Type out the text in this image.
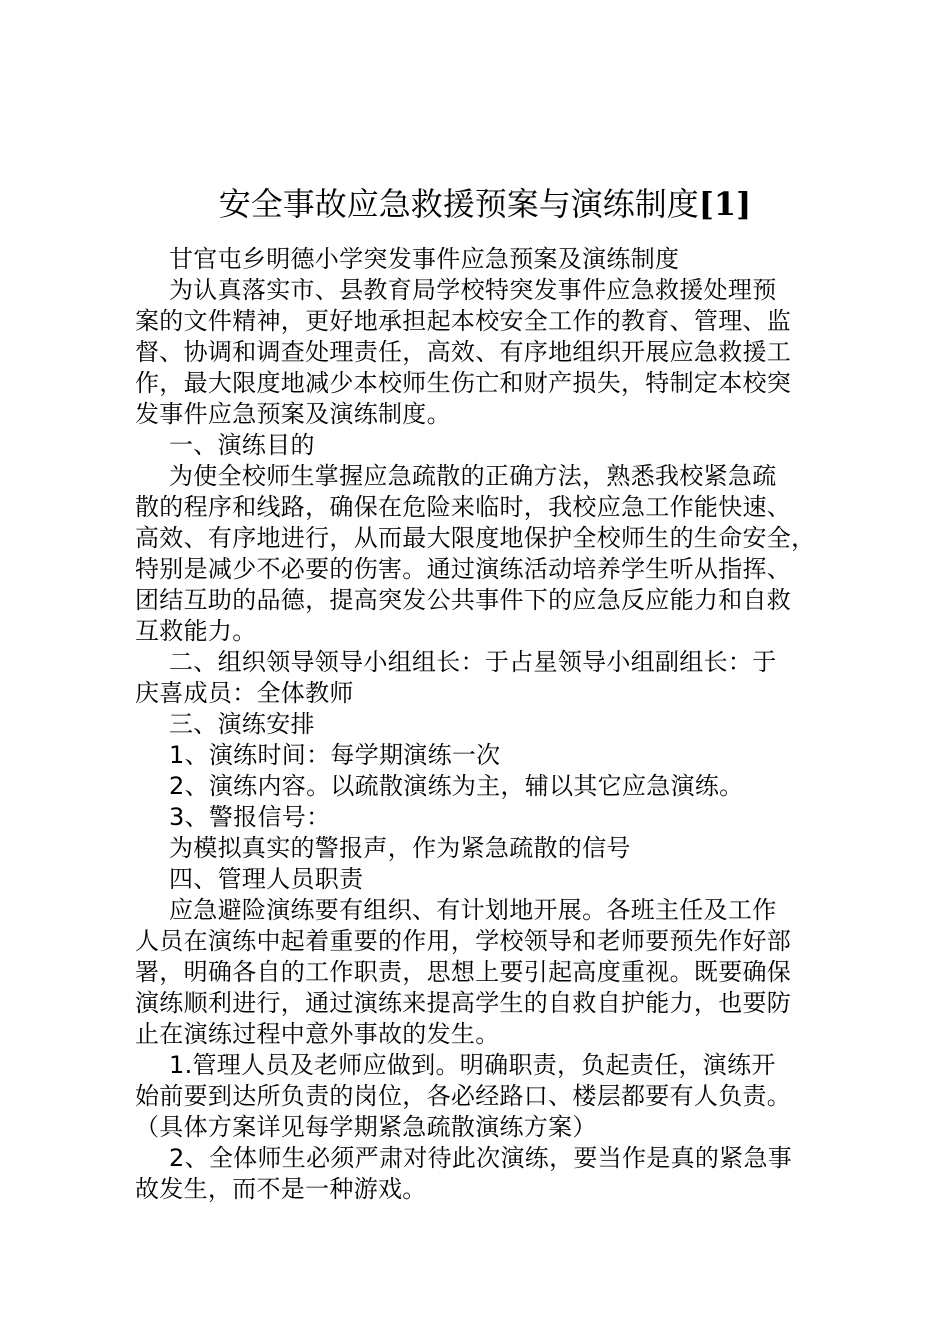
安全事故应急救援预案与演练制度[1]

甘官屯乡明德小学突发事件应急预案及演练制度

为认真落实市、县教育局学校特突发事件应急救援处理预
案的文件精神，更好地承担起本校安全工作的教育、管理、监
督、协调和调查处理责任，高效、有序地组织开展应急救援工
作，最大限度地减少本校师生伤亡和财产损失，特制定本校突
发事件应急预案及演练制度。

一、演练目的

为使全校师生掌握应急疏散的正确方法，熟悉我校紧急疏
散的程序和线路，确保在危险来临时，我校应急工作能快速、
高效、有序地进行，从而最大限度地保护全校师生的生命安全，
特别是减少不必要的伤害。通过演练活动培养学生听从指挥、
团结互助的品德，提高突发公共事件下的应急反应能力和自救
互救能力。

二、组织领导领导小组组长：于占星领导小组副组长：于
庆喜成员：全体教师

三、演练安排

1、演练时间：每学期演练一次

2、演练内容。以疏散演练为主，辅以其它应急演练。

3、警报信号：

为模拟真实的警报声，作为紧急疏散的信号

四、管理人员职责

应急避险演练要有组织、有计划地开展。各班主任及工作
人员在演练中起着重要的作用，学校领导和老师要预先作好部
署，明确各自的工作职责，思想上要引起高度重视。既要确保
演练顺利进行，通过演练来提高学生的自救自护能力，也要防
止在演练过程中意外事故的发生。

1.管理人员及老师应做到。明确职责，负起责任，演练开
始前要到达所负责的岗位，各必经路口、楼层都要有人负责。
（具体方案详见每学期紧急疏散演练方案）

2、全体师生必须严肃对待此次演练，要当作是真的紧急事
故发生，而不是一种游戏。
